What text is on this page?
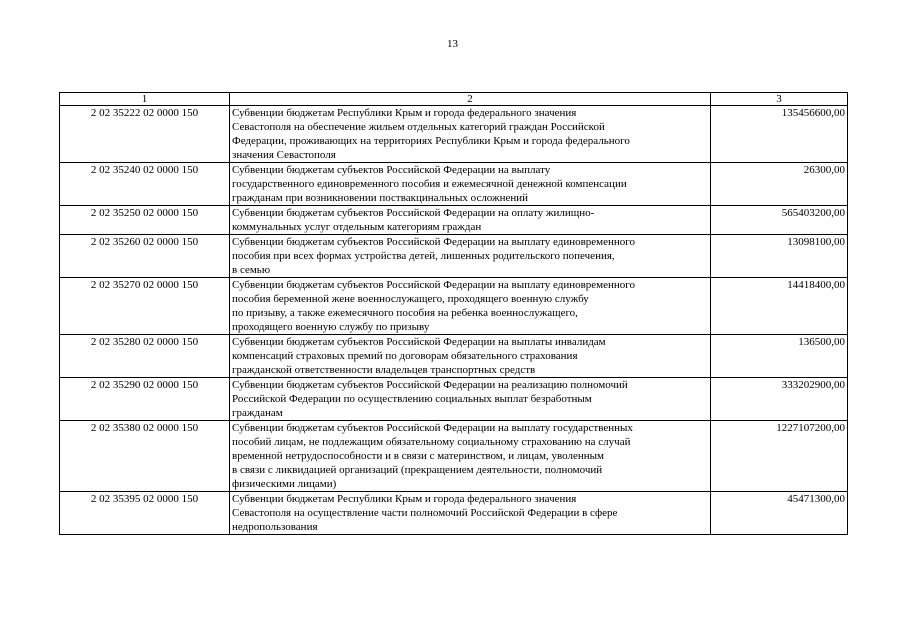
13
1	2	3
2 02 35222 02 0000 150	Субвенции бюджетам Республики Крым и города федерального значения
Севастополя на обеспечение жильем отдельных категорий граждан Российской
Федерации, проживающих на территориях Республики Крым и города федерального
значения Севастополя	135456600,00
2 02 35240 02 0000 150	Субвенции бюджетам субъектов Российской Федерации на выплату
государственного единовременного пособия и ежемесячной денежной компенсации
гражданам при возникновении поствакцинальных осложнений	26300,00
2 02 35250 02 0000 150	Субвенции бюджетам субъектов Российской Федерации на оплату жилищно-
коммунальных услуг отдельным категориям граждан	565403200,00
2 02 35260 02 0000 150	Субвенции бюджетам субъектов Российской Федерации на выплату единовременного
пособия при всех формах устройства детей, лишенных родительского попечения,
в семью	13098100,00
2 02 35270 02 0000 150	Субвенции бюджетам субъектов Российской Федерации на выплату единовременного
пособия беременной жене военнослужащего, проходящего военную службу
по призыву, а также ежемесячного пособия на ребенка военнослужащего,
проходящего военную службу по призыву	14418400,00
2 02 35280 02 0000 150	Субвенции бюджетам субъектов Российской Федерации на выплаты инвалидам
компенсаций страховых премий по договорам обязательного страхования
гражданской ответственности владельцев транспортных средств	136500,00
2 02 35290 02 0000 150	Субвенции бюджетам субъектов Российской Федерации на реализацию полномочий
Российской Федерации по осуществлению социальных выплат безработным
гражданам	333202900,00
2 02 35380 02 0000 150	Субвенции бюджетам субъектов Российской Федерации на выплату государственных
пособий лицам, не подлежащим обязательному социальному страхованию на случай
временной нетрудоспособности и в связи с материнством, и лицам, уволенным
в связи с ликвидацией организаций (прекращением деятельности, полномочий
физическими лицами)	1227107200,00
2 02 35395 02 0000 150	Субвенции бюджетам Республики Крым и города федерального значения
Севастополя на осуществление части полномочий Российской Федерации в сфере
недропользования	45471300,00
